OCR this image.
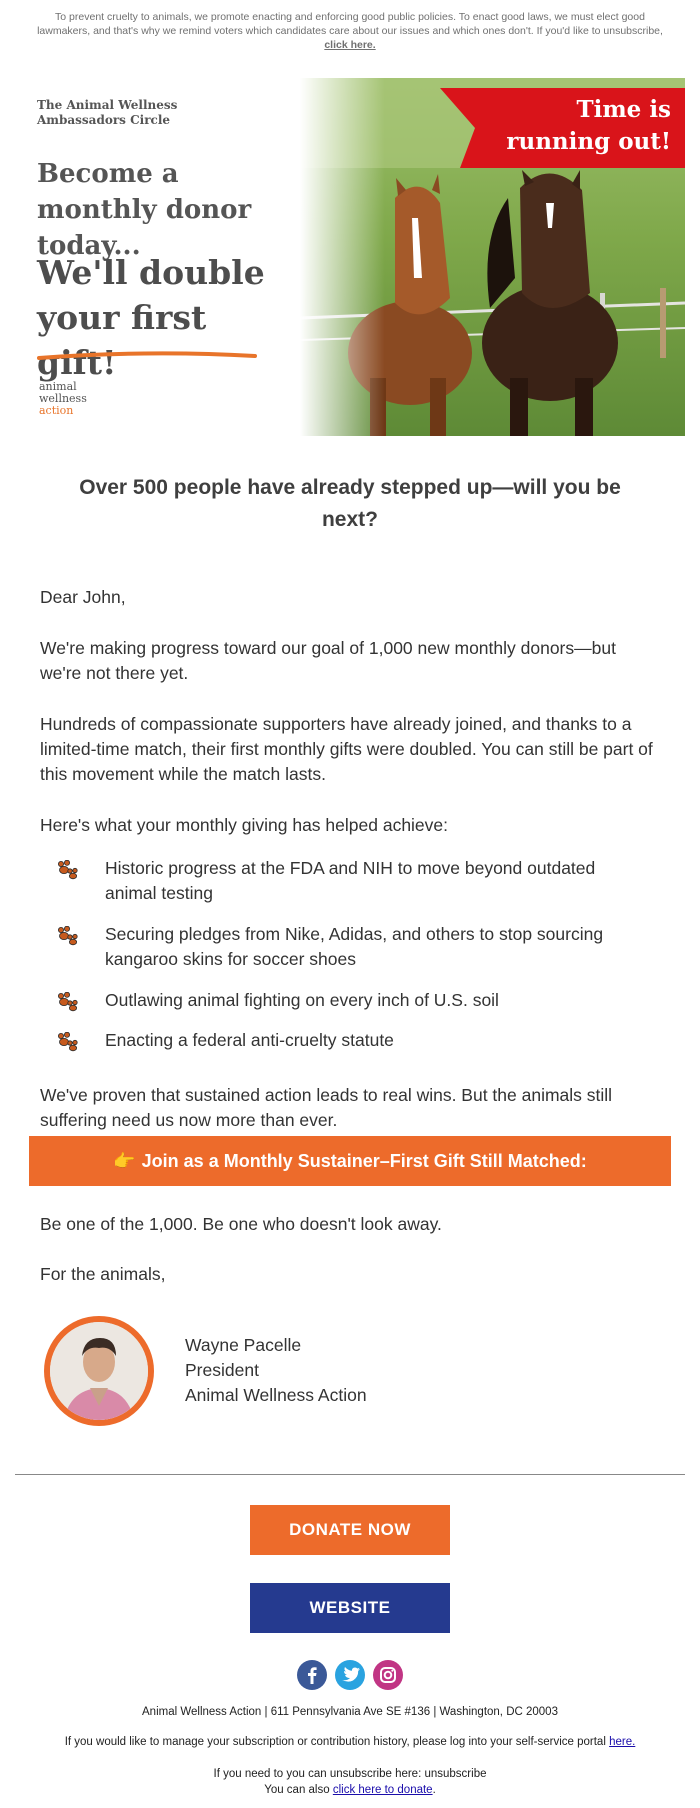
To prevent cruelty to animals, we promote enacting and enforcing good public policies. To enact good laws, we must elect good lawmakers, and that's why we remind voters which candidates care about our issues and which ones don't. If you'd like to unsubscribe, click here.
The Animal Wellness Ambassadors Circle
Become a monthly donor today...
We'll double your first gift!
animal
wellness
action
Time is running out!
Over 500 people have already stepped up—will you be next?
Dear John,
We're making progress toward our goal of 1,000 new monthly donors—but we're not there yet.
Hundreds of compassionate supporters have already joined, and thanks to a limited-time match, their first monthly gifts were doubled. You can still be part of this movement while the match lasts.
Here's what your monthly giving has helped achieve:
Historic progress at the FDA and NIH to move beyond outdated animal testing
Securing pledges from Nike, Adidas, and others to stop sourcing kangaroo skins for soccer shoes
Outlawing animal fighting on every inch of U.S. soil
Enacting a federal anti-cruelty statute
We've proven that sustained action leads to real wins. But the animals still suffering need us now more than ever.
👉 Join as a Monthly Sustainer–First Gift Still Matched:
Be one of the 1,000. Be one who doesn't look away.
For the animals,
Wayne Pacelle
President
Animal Wellness Action
DONATE NOW
WEBSITE
Animal Wellness Action | 611 Pennsylvania Ave SE #136 | Washington, DC 20003
If you would like to manage your subscription or contribution history, please log into your self-service portal here.
If you need to you can unsubscribe here: unsubscribe
You can also click here to donate.
